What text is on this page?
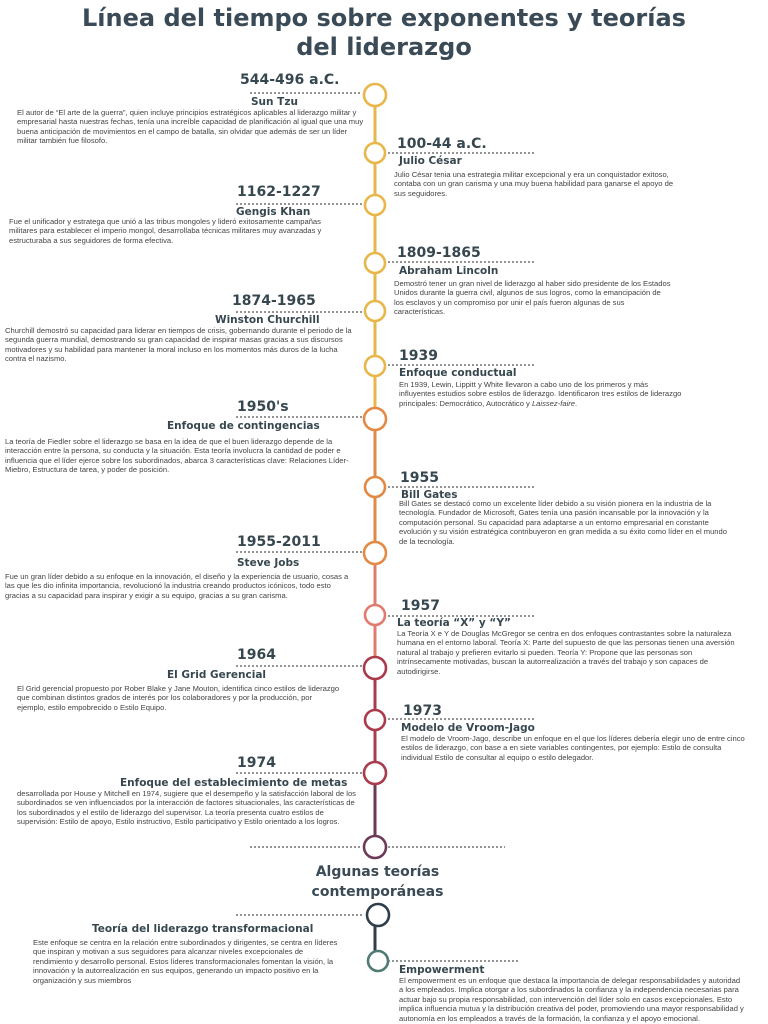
Línea del tiempo sobre exponentes y teorías
del liderazgo
544-496 a.C.
Sun Tzu
El autor de “El arte de la guerra”, quien incluye principios estratégicos aplicables al liderazgo militar y empresarial hasta nuestras fechas, tenía una increíble capacidad de planificación al igual que una muy buena anticipación de movimientos en el campo de batalla, sin olvidar que además de ser un líder militar también fue filosofo.	100-44 a.C.
Julio César
Julio César tenia una estrategia militar excepcional y era un conquistador exitoso, contaba con un gran carisma y una muy buena habilidad para ganarse el apoyo de sus seguidores.
1162-1227
Gengis Khan
Fue el unificador y estratega que unió a las tribus mongoles y lideró exitosamente campañas militares para establecer el imperio mongol, desarrollaba técnicas militares muy avanzadas y estructuraba a sus seguidores de forma efectiva.
1809-1865
Abraham Lincoln
Demostró tener un gran nivel de liderazgo al haber sido presidente de los Estados Unidos durante la guerra civil, algunos de sus logros, como la emancipación de los esclavos y un compromiso por unir el país fueron algunas de sus características.
1874-1965
Winston Churchill
Churchill demostró su capacidad para liderar en tiempos de crisis, gobernando durante el periodo de la segunda guerra mundial, demostrando su gran capacidad de inspirar masas gracias a sus discursos motivadores y su habilidad para mantener la moral incluso en los momentos más duros de la lucha contra el nazismo.	1939
Enfoque conductual
En 1939, Lewin, Lippitt y White llevaron a cabo uno de los primeros y más influyentes estudios sobre estilos de liderazgo. Identificaron tres estilos de liderazgo principales: Democrático, Autocrático y Laissez-faire.
1950's
Enfoque de contingencias
La teoría de Fiedler sobre el liderazgo se basa en la idea de que el buen liderazgo depende de la interacción entre la persona, su conducta y la situación. Esta teoría involucra la cantidad de poder e influencia que el líder ejerce sobre los subordinados, abarca 3 características clave: Relaciones Líder-Miebro, Estructura de tarea, y poder de posición.
1955
Bill Gates
Bill Gates se destacó como un excelente líder debido a su visión pionera en la industria de la tecnología. Fundador de Microsoft, Gates tenía una pasión incansable por la innovación y la computación personal. Su capacidad para adaptarse a un entorno empresarial en constante evolución y su visión estratégica contribuyeron en gran medida a su éxito como líder en el mundo de la tecnología.
1955-2011
Steve Jobs
Fue un gran líder debido a su enfoque en la innovación, el diseño y la experiencia de usuario, cosas a las que les dio infinita importancia, revolucionó la industria creando productos icónicos, todo esto gracias a su capacidad para inspirar y exigir a su equipo, gracias a su gran carisma.
1957
La teoría “X” y “Y”
La Teoría X e Y de Douglas McGregor se centra en dos enfoques contrastantes sobre la naturaleza humana en el entorno laboral. Teoría X: Parte del supuesto de que las personas tienen una aversión natural al trabajo y prefieren evitarlo si pueden. Teoría Y: Propone que las personas son intrínsecamente motivadas, buscan la autorrealización a través del trabajo y son capaces de autodirigirse.
1964
El Grid Gerencial
El Grid gerencial propuesto por Rober Blake y Jane Mouton, identifica cinco estilos de liderazgo que combinan distintos grados de interés por los colaboradores y por la producción, por ejemplo, estilo empobrecido o Estilo Equipo.	1973
Modelo de Vroom-Jago
El modelo de Vroom-Jago, describe un enfoque en el que los líderes debería elegir uno de entre cinco estilos de liderazgo, con base a en siete variables contingentes, por ejemplo: Estilo de consulta individual Estilo de consultar al equipo o estilo delegador.
1974
Enfoque del establecimiento de metas
desarrollada por House y Mitchell en 1974, sugiere que el desempeño y la satisfacción laboral de los subordinados se ven influenciados por la interacción de factores situacionales, las características de los subordinados y el estilo de liderazgo del supervisor. La teoría presenta cuatro estilos de supervisión: Estilo de apoyo, Estilo instructivo, Estilo participativo y Estilo orientado a los logros.
Algunas teorías
contemporáneas
Teoría del liderazgo transformacional
Este enfoque se centra en la relación entre subordinados y dirigentes, se centra en líderes que inspiran y motivan a sus seguidores para alcanzar niveles excepcionales de rendimiento y desarrollo personal. Estos líderes transformacionales fomentan la visión, la innovación y la autorrealización en sus equipos, generando un impacto positivo en la organización y sus miembros
Empowerment
El empowerment es un enfoque que destaca la importancia de delegar responsabilidades y autoridad a los empleados. Implica otorgar a los subordinados la confianza y la independencia necesarias para actuar bajo su propia responsabilidad, con intervención del líder solo en casos excepcionales. Esto implica influencia mutua y la distribución creativa del poder, promoviendo una mayor responsabilidad y autonomía en los empleados a través de la formación, la confianza y el apoyo emocional.
